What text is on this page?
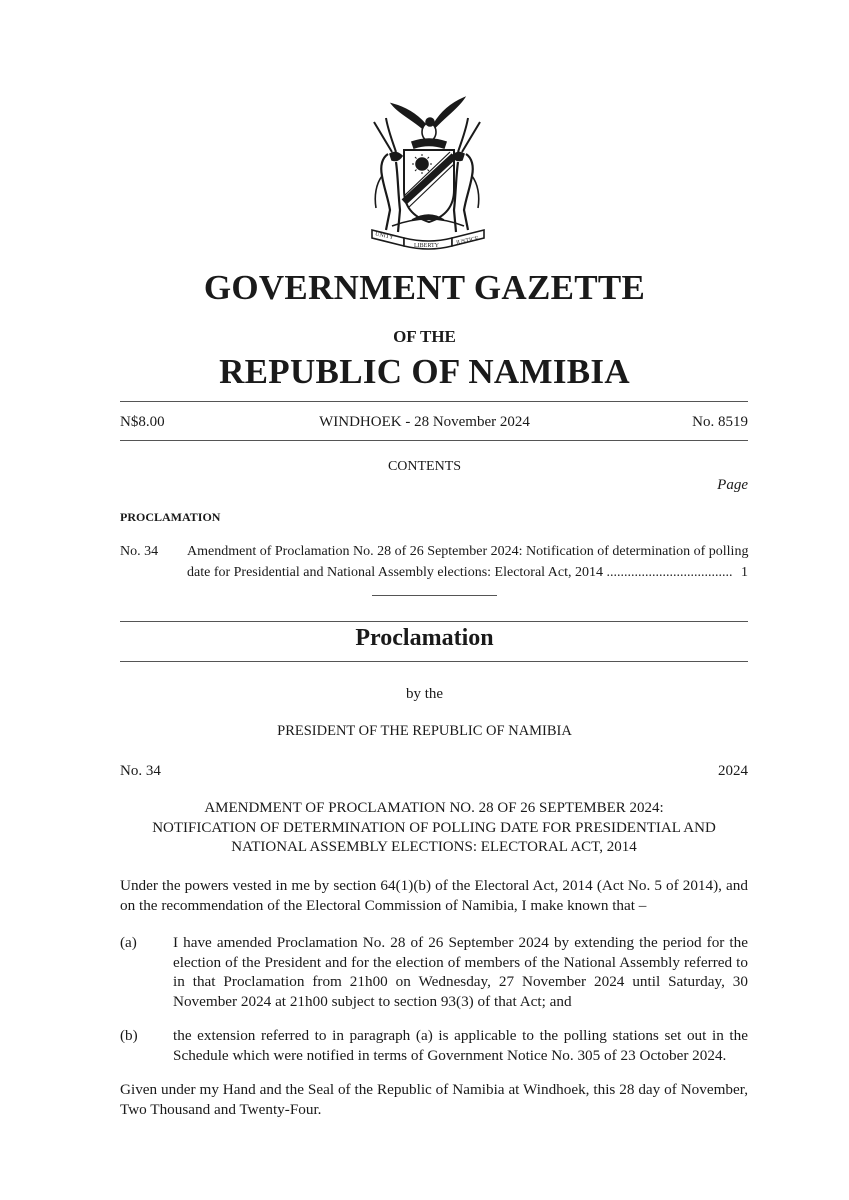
UNITY
LIBERTY	JUSTICE
GOVERNMENT GAZETTE
OF THE
REPUBLIC OF NAMIBIA
N$8.00	WINDHOEK - 28 November 2024	No. 8519
CONTENTS
Page
PROCLAMATION
No. 34 Amendment of Proclamation No. 28 of 26 September 2024: Notification of determination of polling
date for Presidential and National Assembly elections: Electoral Act, 2014 .................................... 1
Proclamation
by the
PRESIDENT OF THE REPUBLIC OF NAMIBIA
No. 34	2024
AMENDMENT OF PROCLAMATION NO. 28 OF 26 SEPTEMBER 2024:
NOTIFICATION OF DETERMINATION OF POLLING DATE FOR PRESIDENTIAL AND
NATIONAL ASSEMBLY ELECTIONS: ELECTORAL ACT, 2014
Under the powers vested in me by section 64(1)(b) of the Electoral Act, 2014 (Act No. 5 of 2014), and on the recommendation of the Electoral Commission of Namibia, I make known that –
(a) I have amended Proclamation No. 28 of 26 September 2024 by extending the period for the election of the President and for the election of members of the National Assembly referred to in that Proclamation from 21h00 on Wednesday, 27 November 2024 until Saturday, 30 November 2024 at 21h00 subject to section 93(3) of that Act; and
(b) the extension referred to in paragraph (a) is applicable to the polling stations set out in the Schedule which were notified in terms of Government Notice No. 305 of 23 October 2024.
Given under my Hand and the Seal of the Republic of Namibia at Windhoek, this 28 day of November, Two Thousand and Twenty-Four.
